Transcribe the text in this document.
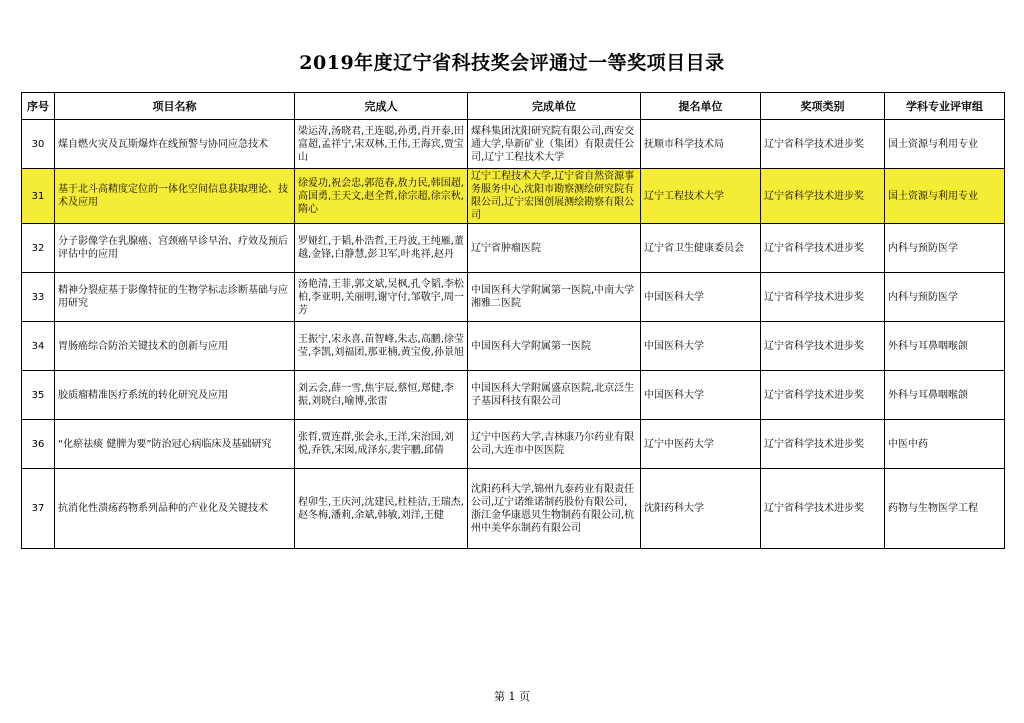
2019年度辽宁省科技奖会评通过一等奖项目目录
序号	项目名称	完成人	完成单位	提名单位	奖项类别	学科专业评审组

30	煤自燃火灾及瓦斯爆炸在线预警与协同应急技术	梁运涛,汤晓君,王连聪,孙勇,肖开泰,田富超,孟祥宁,宋双林,王伟,王海宾,贾宝山	煤科集团沈阳研究院有限公司,西安交通大学,阜新矿业（集团）有限责任公司,辽宁工程技术大学	抚顺市科学技术局	辽宁省科学技术进步奖	国土资源与利用专业

31	基于北斗高精度定位的一体化空间信息获取理论、技术及应用	徐爱功,祝会忠,郭范春,敖力民,韩国超,高国勇,王天文,赵全哲,徐宗超,徐宗秋,隋心	辽宁工程技术大学,辽宁省自然资源事务服务中心,沈阳市勘察测绘研究院有限公司,辽宁宏图创展测绘勘察有限公司	辽宁工程技术大学	辽宁省科学技术进步奖	国土资源与利用专业

32	分子影像学在乳腺癌、宫颈癌早诊早治、疗效及预后评估中的应用	罗娅红,于韬,朴浩哲,王丹波,王纯雁,董越,金锋,白静慧,彭卫军,叶兆祥,赵丹	辽宁省肿瘤医院	辽宁省卫生健康委员会	辽宁省科学技术进步奖	内科与预防医学

33	精神分裂症基于影像特征的生物学标志诊断基础与应用研究	汤艳清,王菲,郭文斌,吴枫,孔令韬,李松柏,李亚明,关丽明,谢守付,邹敬宇,周一芳	中国医科大学附属第一医院,中南大学湘雅二医院	中国医科大学	辽宁省科学技术进步奖	内科与预防医学

34	胃肠癌综合防治关键技术的创新与应用	王振宁,宋永喜,苗智峰,朱志,高鹏,徐莹莹,李凯,刘福团,那亚楠,黄宝俊,孙景旭	中国医科大学附属第一医院	中国医科大学	辽宁省科学技术进步奖	外科与耳鼻咽喉颌

35	胶质瘤精准医疗系统的转化研究及应用	刘云会,薛一雪,焦宇辰,蔡恒,郑健,李振,刘晓白,喻博,张雷	中国医科大学附属盛京医院,北京泛生子基因科技有限公司	中国医科大学	辽宁省科学技术进步奖	外科与耳鼻咽喉颌

36	“化瘀祛痰 健脾为要”防治冠心病临床及基础研究	张哲,贾连群,张会永,王洋,宋治国,刘悦,乔铁,宋囡,成泽东,裴宇鹏,邱倩	辽宁中医药大学,吉林康乃尔药业有限公司,大连市中医医院	辽宁中医药大学	辽宁省科学技术进步奖	中医中药

37	抗消化性溃疡药物系列品种的产业化及关键技术	程卯生,王庆河,沈建民,杜桂洁,王瑞杰,赵冬梅,潘莉,余斌,韩敏,刘洋,王健	沈阳药科大学,锦州九泰药业有限责任公司,辽宁诺维诺制药股份有限公司,浙江金华康恩贝生物制药有限公司,杭州中美华东制药有限公司	沈阳药科大学	辽宁省科学技术进步奖	药物与生物医学工程
第 1 页
